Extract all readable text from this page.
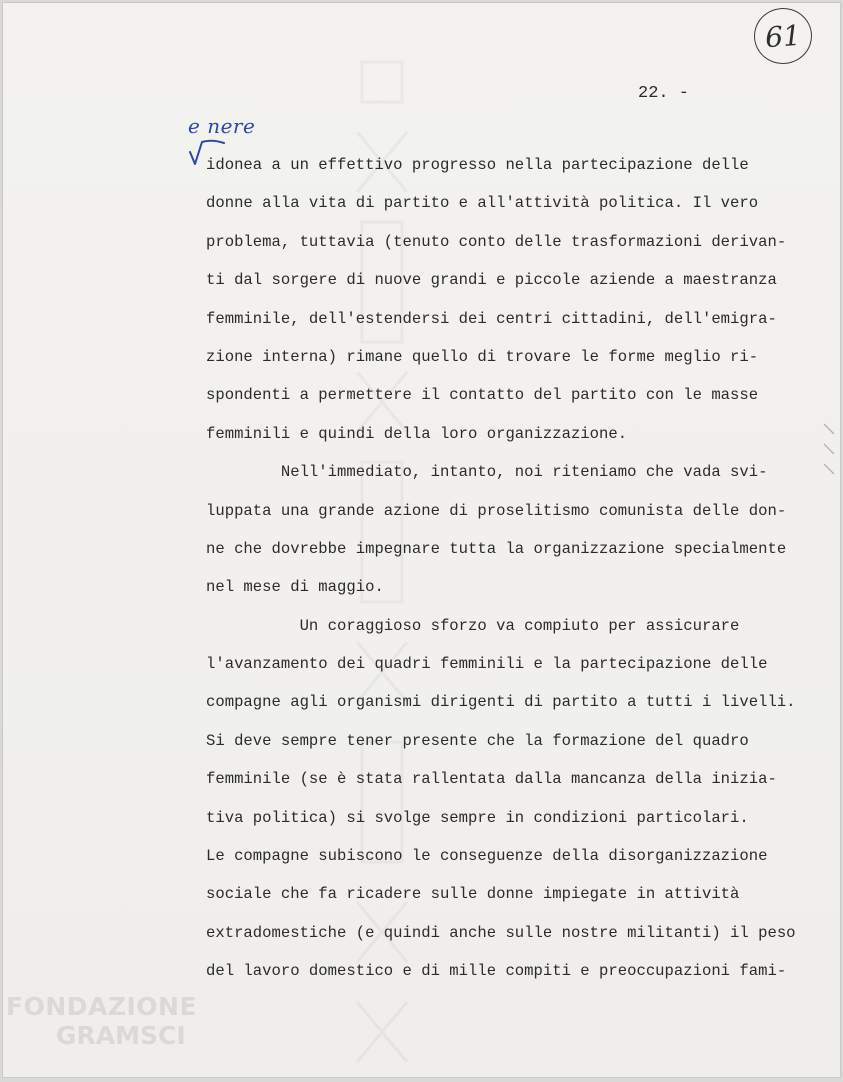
61
22. -
e nere
idonea a un effettivo progresso nella partecipazione delle
donne alla vita di partito e all'attività politica. Il vero
problema, tuttavia (tenuto conto delle trasformazioni derivan-
ti dal sorgere di nuove grandi e piccole aziende a maestranza
femminile, dell'estendersi dei centri cittadini, dell'emigra-
zione interna) rimane quello di trovare le forme meglio ri-
spondenti a permettere il contatto del partito con le masse
femminili e quindi della loro organizzazione.
Nell'immediato, intanto, noi riteniamo che vada svi-
luppata una grande azione di proselitismo comunista delle don-
ne che dovrebbe impegnare tutta la organizzazione specialmente
nel mese di maggio.
Un coraggioso sforzo va compiuto per assicurare
l'avanzamento dei quadri femminili e la partecipazione delle
compagne agli organismi dirigenti di partito a tutti i livelli.
Si deve sempre tener presente che la formazione del quadro
femminile (se è stata rallentata dalla mancanza della inizia-
tiva politica) si svolge sempre in condizioni particolari.
Le compagne subiscono le conseguenze della disorganizzazione
sociale che fa ricadere sulle donne impiegate in attività
extradomestiche (e quindi anche sulle nostre militanti) il peso
del lavoro domestico e di mille compiti e preoccupazioni fami-
FONDAZIONE
GRAMSCI
